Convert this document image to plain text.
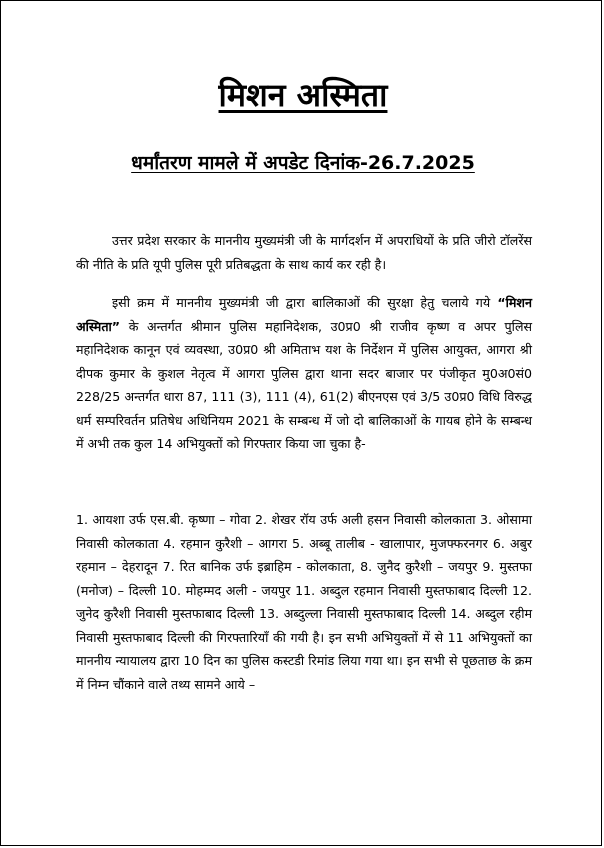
मिशन अस्मिता
धर्मांतरण मामले में अपडेट दिनांक-26.7.2025

उत्तर प्रदेश सरकार के माननीय मुख्यमंत्री जी के मार्गदर्शन में अपराधियों के प्रति जीरो टॉलरेंस की नीति के प्रति यूपी पुलिस पूरी प्रतिबद्धता के साथ कार्य कर रही है।

इसी क्रम में माननीय मुख्यमंत्री जी द्वारा बालिकाओं की सुरक्षा हेतु चलाये गये “मिशन अस्मिता” के अन्तर्गत श्रीमान पुलिस महानिदेशक, उ0प्र0 श्री राजीव कृष्ण व अपर पुलिस महानिदेशक कानून एवं व्यवस्था, उ0प्र0 श्री अमिताभ यश के निर्देशन में पुलिस आयुक्त, आगरा श्री दीपक कुमार के कुशल नेतृत्व में आगरा पुलिस द्वारा थाना सदर बाजार पर पंजीकृत मु0अ0सं0 228/25 अन्तर्गत धारा 87, 111 (3), 111 (4), 61(2) बीएनएस एवं 3/5 उ0प्र0 विधि विरुद्ध धर्म सम्परिवर्तन प्रतिषेध अधिनियम 2021 के सम्बन्ध में जो दो बालिकाओं के गायब होने के सम्बन्ध में अभी तक कुल 14 अभियुक्तों को गिरफ्तार किया जा चुका है-

1. आयशा उर्फ एस.बी. कृष्णा – गोवा 2. शेखर रॉय उर्फ अली हसन निवासी कोलकाता 3. ओसामा निवासी कोलकाता 4. रहमान कुरैशी – आगरा 5. अब्बू तालीब - खालापार, मुजफ्फरनगर 6. अबुर रहमान – देहरादून 7. रित बानिक उर्फ इब्राहिम - कोलकाता, 8. जुनैद कुरैशी – जयपुर 9. मुस्तफा (मनोज) – दिल्ली 10. मोहम्मद अली - जयपुर 11. अब्दुल रहमान निवासी मुस्तफाबाद दिल्ली 12. जुनेद कुरैशी निवासी मुस्तफाबाद दिल्ली 13. अब्दुल्ला निवासी मुस्तफाबाद दिल्ली 14. अब्दुल रहीम निवासी मुस्तफाबाद दिल्ली की गिरफ्तारियाँ की गयी है। इन सभी अभियुक्तों में से 11 अभियुक्तों का माननीय न्यायालय द्वारा 10 दिन का पुलिस कस्टडी रिमांड लिया गया था। इन सभी से पूछताछ के क्रम में निम्न चौंकाने वाले तथ्य सामने आये –
